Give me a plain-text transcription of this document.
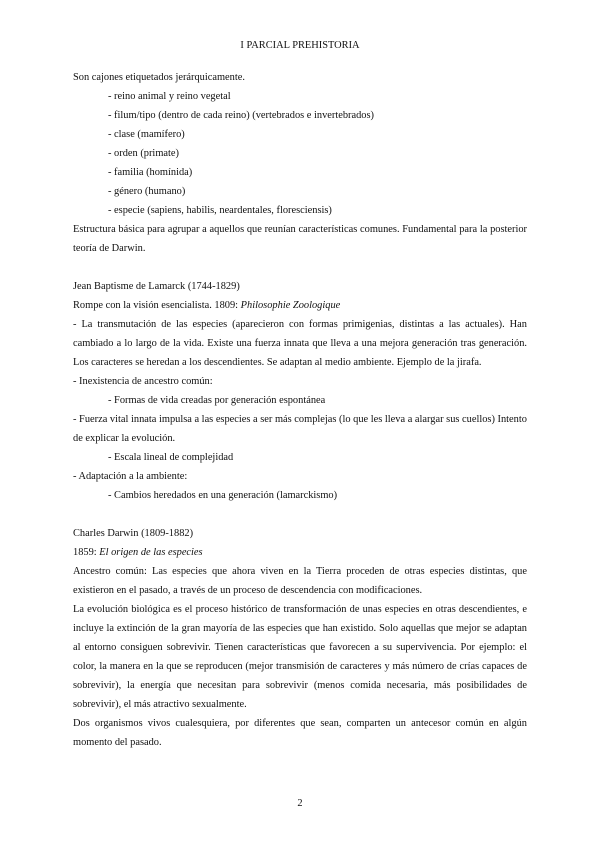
I PARCIAL PREHISTORIA

Son cajones etiquetados jerárquicamente.

- reino animal y reino vegetal

- filum/tipo (dentro de cada reino) (vertebrados e invertebrados)

- clase (mamífero)

- orden (primate)

- familia (homínida)

- género (humano)

- especie (sapiens, habilis, neardentales, floresciensis)

Estructura básica para agrupar a aquellos que reunían características comunes. Fundamental para la posterior teoría de Darwin.

Jean Baptisme de Lamarck (1744-1829)

Rompe con la visión esencialista. 1809: Philosophie Zoologique

- La transmutación de las especies (aparecieron con formas primigenias, distintas a las actuales). Han cambiado a lo largo de la vida. Existe una fuerza innata que lleva a una mejora generación tras generación. Los caracteres se heredan a los descendientes. Se adaptan al medio ambiente. Ejemplo de la jirafa.

- Inexistencia de ancestro común:

- Formas de vida creadas por generación espontánea

- Fuerza vital innata impulsa a las especies a ser más complejas (lo que les lleva a alargar sus cuellos) Intento de explicar la evolución.

- Escala lineal de complejidad

- Adaptación a la ambiente:

- Cambios heredados en una generación (lamarckismo)

Charles Darwin (1809-1882)

1859: El origen de las especies

Ancestro común: Las especies que ahora viven en la Tierra proceden de otras especies distintas, que existieron en el pasado, a través de un proceso de descendencia con modificaciones.

La evolución biológica es el proceso histórico de transformación de unas especies en otras descendientes, e incluye la extinción de la gran mayoría de las especies que han existido. Solo aquellas que mejor se adaptan al entorno consiguen sobrevivir. Tienen características que favorecen a su supervivencia. Por ejemplo: el color, la manera en la que se reproducen (mejor transmisión de caracteres y más número de crías capaces de sobrevivir), la energía que necesitan para sobrevivir (menos comida necesaria, más posibilidades de sobrevivir), el más atractivo sexualmente.

Dos organismos vivos cualesquiera, por diferentes que sean, comparten un antecesor común en algún momento del pasado.

2
